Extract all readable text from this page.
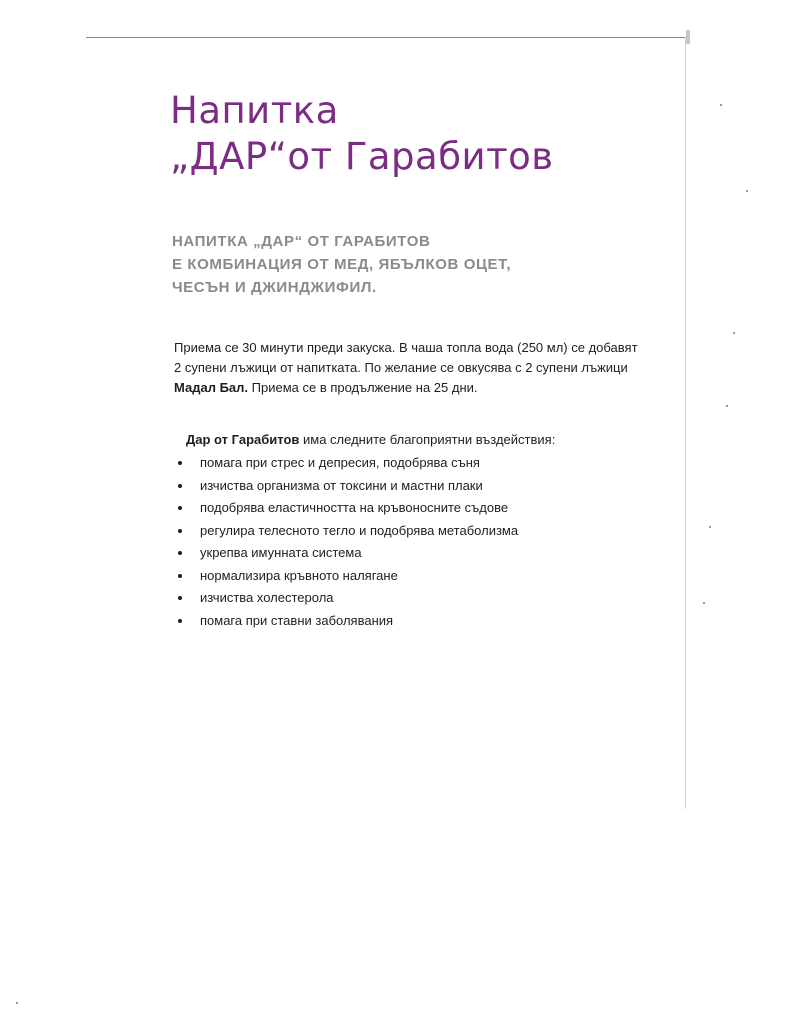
Напитка
„ДАР“от Гарабитов
НАПИТКА „ДАР“ ОТ ГАРАБИТОВ
Е КОМБИНАЦИЯ ОТ МЕД, ЯБЪЛКОВ ОЦЕТ,
ЧЕСЪН И ДЖИНДЖИФИЛ.

Приема се 30 минути преди закуска. В чаша топла вода (250 мл) се добавят 2 супени лъжици от напитката. По желание се овкусява с 2 супени лъжици Мадал Бал. Приема се в продължение на 25 дни.

Дар от Гарабитов има следните благоприятни въздействия:

помага при стрес и депресия, подобрява съня
изчиства организма от токсини и мастни плаки
подобрява еластичността на кръвоносните съдове
регулира телесното тегло и подобрява метаболизма
укрепва имунната система
нормализира кръвното налягане
изчиства холестерола
помага при ставни заболявания
